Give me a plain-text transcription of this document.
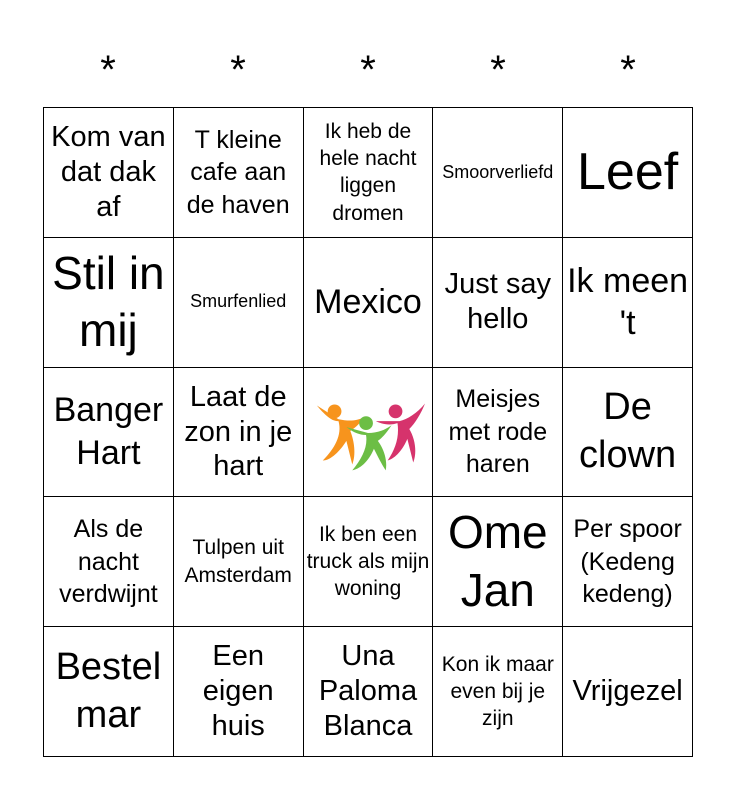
*	*	*	*	*
Kom van dat dak af
T kleine cafe aan de haven
Ik heb de hele nacht liggen dromen
Smoorverliefd Leef
Stil in mij
Smurfenlied Mexico Just say hello
Ik meen 't
Banger Hart
Laat de zon in je hart
Meisjes met rode haren
De clown
Als de nacht verdwijnt
Tulpen uit Amsterdam
Ik ben een truck als mijn woning
Ome Jan
Per spoor (Kedeng kedeng)
Bestel mar
Een eigen huis
Una Paloma Blanca
Kon ik maar even bij je zijn
Vrijgezel
